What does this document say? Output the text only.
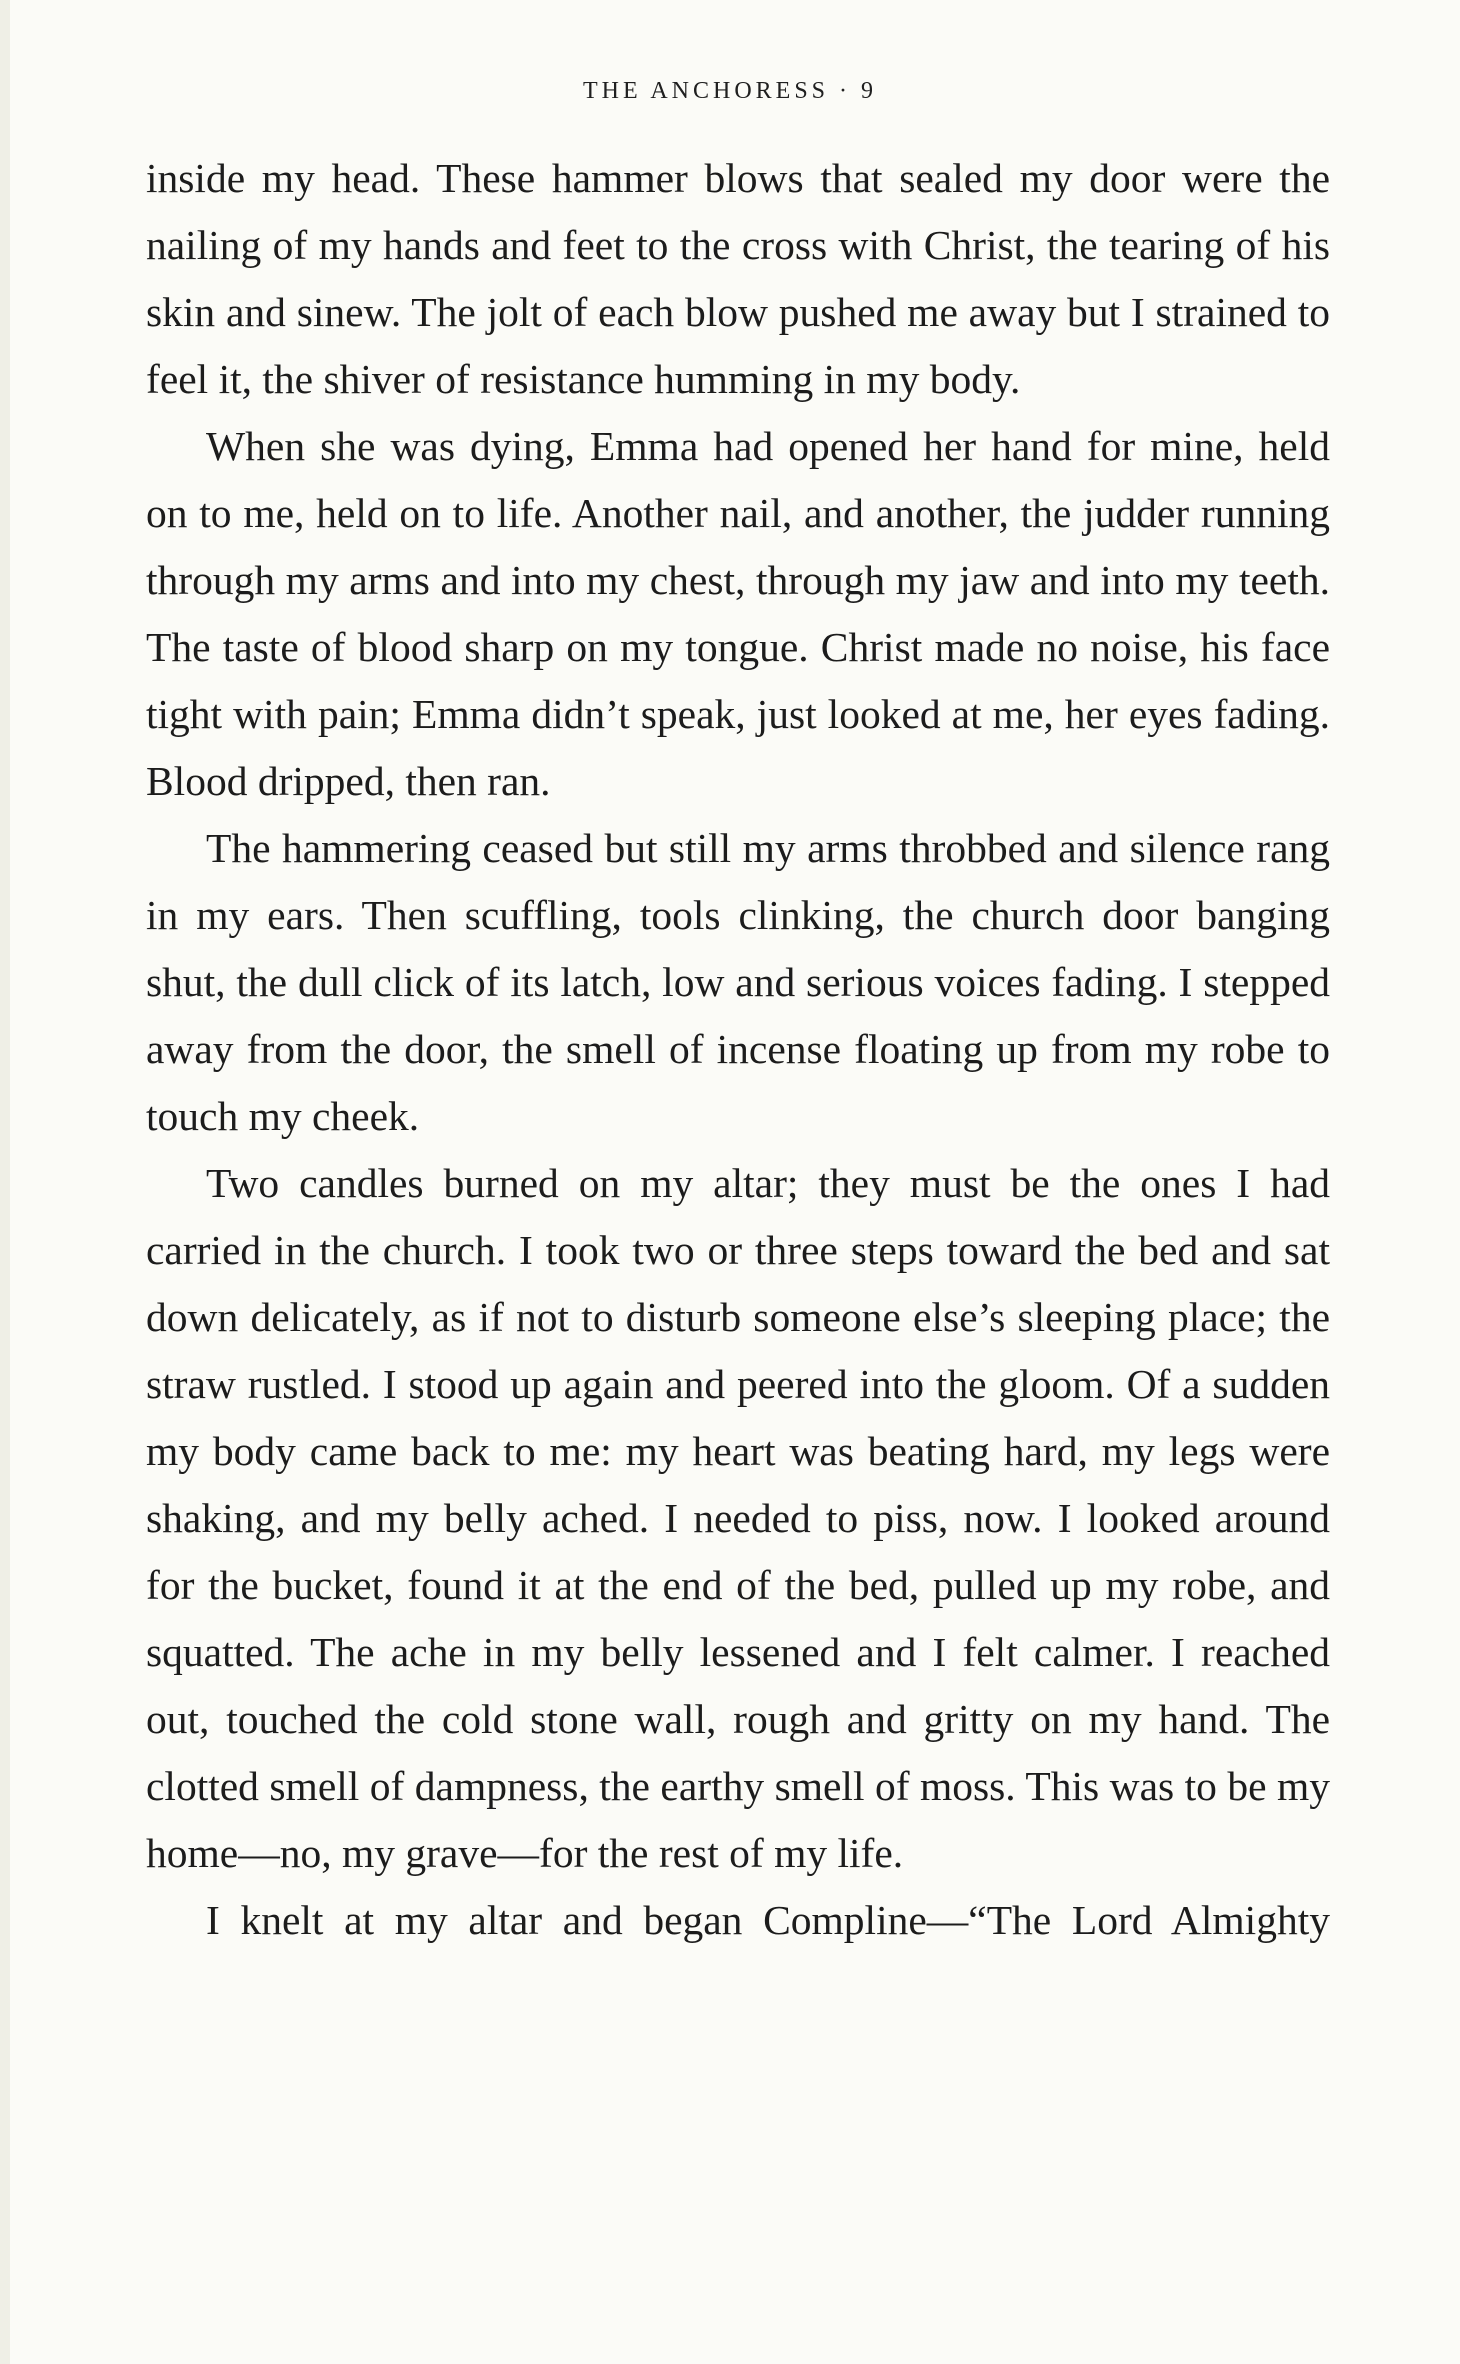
THE ANCHORESS · 9

inside my head. These hammer blows that sealed my door were the nailing of my hands and feet to the cross with Christ, the tearing of his skin and sinew. The jolt of each blow pushed me away but I strained to feel it, the shiver of resistance humming in my body.

When she was dying, Emma had opened her hand for mine, held on to me, held on to life. Another nail, and another, the judder running through my arms and into my chest, through my jaw and into my teeth. The taste of blood sharp on my tongue. Christ made no noise, his face tight with pain; Emma didn’t speak, just looked at me, her eyes fading. Blood dripped, then ran.

The hammering ceased but still my arms throbbed and silence rang in my ears. Then scuffling, tools clinking, the church door banging shut, the dull click of its latch, low and serious voices fading. I stepped away from the door, the smell of incense floating up from my robe to touch my cheek.

Two candles burned on my altar; they must be the ones I had carried in the church. I took two or three steps toward the bed and sat down delicately, as if not to disturb someone else’s sleeping place; the straw rustled. I stood up again and peered into the gloom. Of a sudden my body came back to me: my heart was beating hard, my legs were shaking, and my belly ached. I needed to piss, now. I looked around for the bucket, found it at the end of the bed, pulled up my robe, and squatted. The ache in my belly lessened and I felt calmer. I reached out, touched the cold stone wall, rough and gritty on my hand. The clotted smell of dampness, the earthy smell of moss. This was to be my home—no, my grave—for the rest of my life.

I knelt at my altar and began Compline—“The Lord Almighty
